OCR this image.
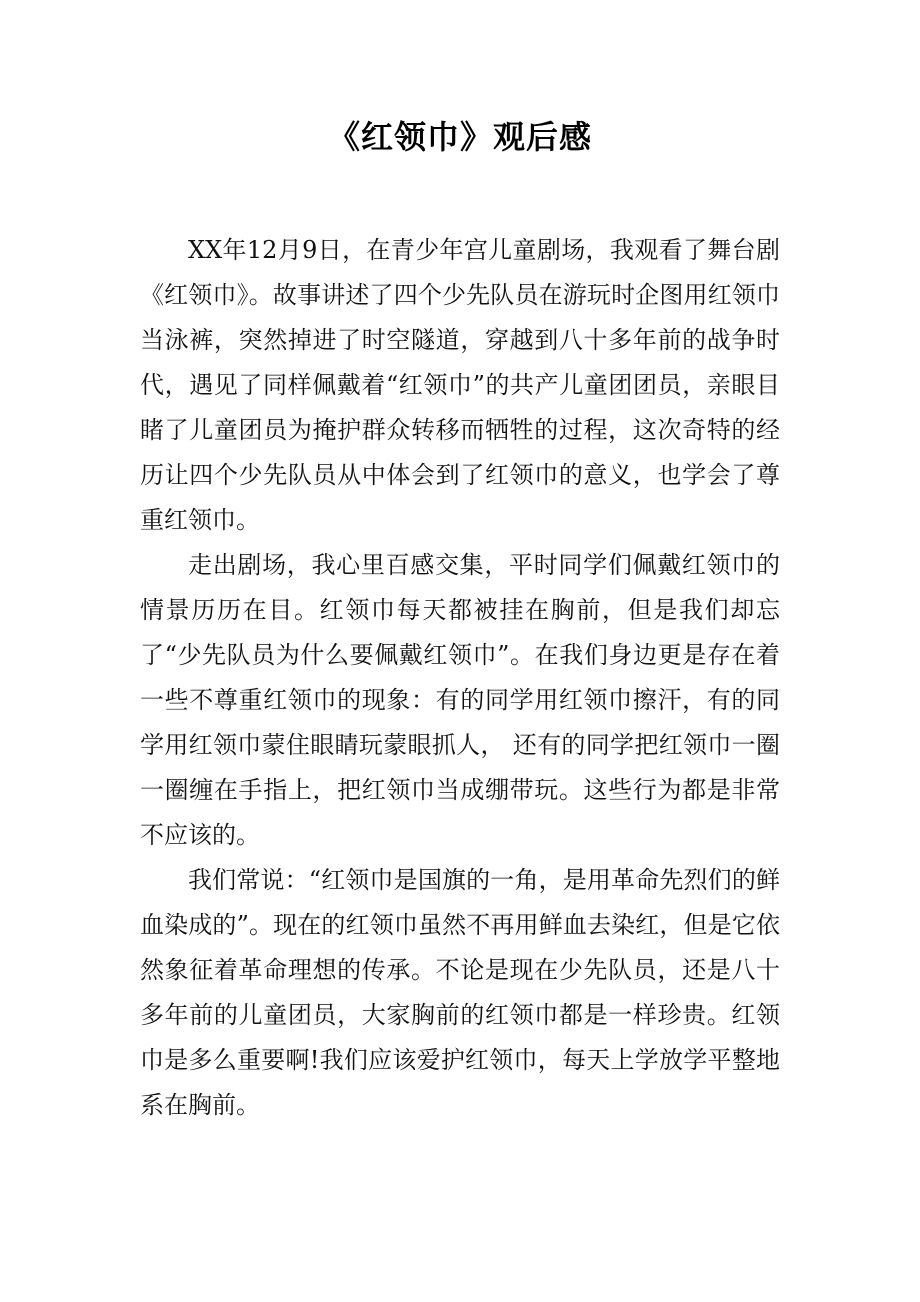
《红领巾》观后感

XX年12月9日，在青少年宫儿童剧场，我观看了舞台剧《红领巾》。故事讲述了四个少先队员在游玩时企图用红领巾当泳裤，突然掉进了时空隧道，穿越到八十多年前的战争时代，遇见了同样佩戴着“红领巾”的共产儿童团团员，亲眼目睹了儿童团员为掩护群众转移而牺牲的过程，这次奇特的经历让四个少先队员从中体会到了红领巾的意义，也学会了尊重红领巾。

走出剧场，我心里百感交集，平时同学们佩戴红领巾的情景历历在目。红领巾每天都被挂在胸前，但是我们却忘了“少先队员为什么要佩戴红领巾”。在我们身边更是存在着一些不尊重红领巾的现象：有的同学用红领巾擦汗，有的同学用红领巾蒙住眼睛玩蒙眼抓人， 还有的同学把红领巾一圈一圈缠在手指上，把红领巾当成绷带玩。这些行为都是非常不应该的。

我们常说：“红领巾是国旗的一角，是用革命先烈们的鲜血染成的”。现在的红领巾虽然不再用鲜血去染红，但是它依然象征着革命理想的传承。不论是现在少先队员，还是八十多年前的儿童团员，大家胸前的红领巾都是一样珍贵。红领巾是多么重要啊!我们应该爱护红领巾，每天上学放学平整地系在胸前。
